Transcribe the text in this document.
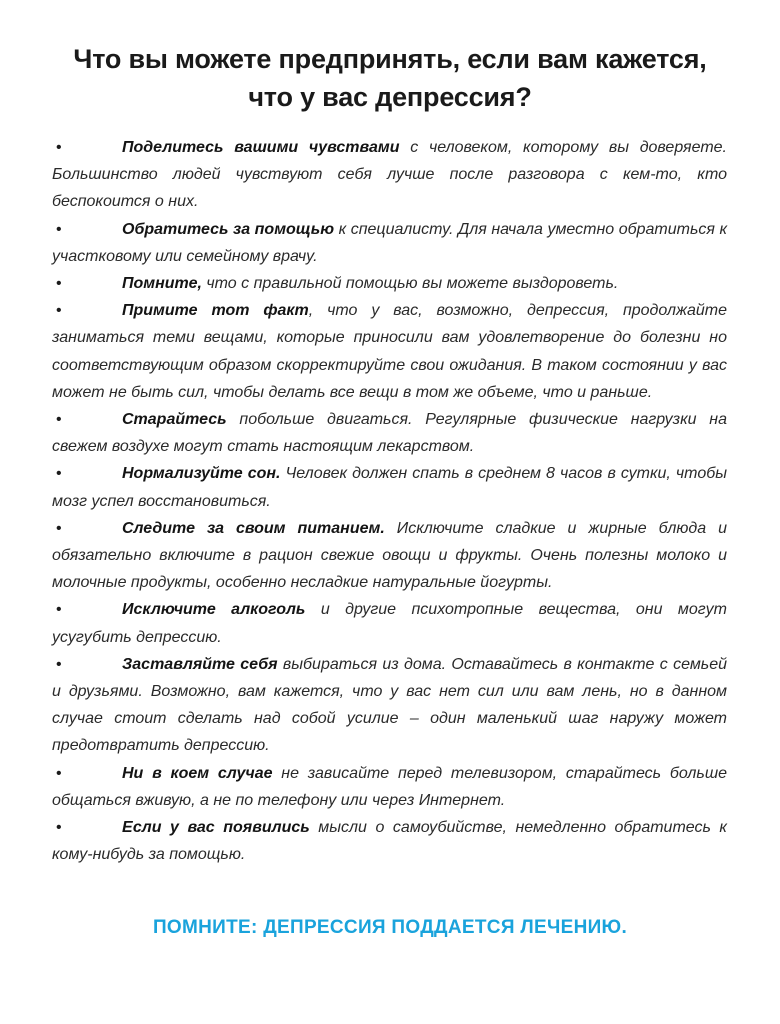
Что вы можете предпринять, если вам кажется,
что у вас депрессия?
•	Поделитесь вашими чувствами с человеком, которому вы доверяете. Большинство людей чувствуют себя лучше после разговора с кем-то, кто беспокоится о них.
•	Обратитесь за помощью к специалисту. Для начала уместно обратиться к участковому или семейному врачу.
•	Помните, что с правильной помощью вы можете выздороветь.
•	Примите тот факт, что у вас, возможно, депрессия, продолжайте заниматься теми вещами, которые приносили вам удовлетворение до болезни но соответствующим образом скорректируйте свои ожидания. В таком состоянии у вас может не быть сил, чтобы делать все вещи в том же объеме, что и раньше.
•	Старайтесь побольше двигаться. Регулярные физические нагрузки на свежем воздухе могут стать настоящим лекарством.
•	Нормализуйте сон. Человек должен спать в среднем 8 часов в сутки, чтобы мозг успел восстановиться.
•	Следите за своим питанием. Исключите сладкие и жирные блюда и обязательно включите в рацион свежие овощи и фрукты. Очень полезны молоко и молочные продукты, особенно несладкие натуральные йогурты.
•	Исключите алкоголь и другие психотропные вещества, они могут усугубить депрессию.
•	Заставляйте себя выбираться из дома. Оставайтесь в контакте с семьей и друзьями. Возможно, вам кажется, что у вас нет сил или вам лень, но в данном случае стоит сделать над собой усилие – один маленький шаг наружу может предотвратить депрессию.
•	Ни в коем случае не зависайте перед телевизором, старайтесь больше общаться вживую, а не по телефону или через Интернет.
•	Если у вас появились мысли о самоубийстве, немедленно обратитесь к кому-нибудь за помощью.

ПОМНИТЕ: ДЕПРЕССИЯ ПОДДАЕТСЯ ЛЕЧЕНИЮ.
